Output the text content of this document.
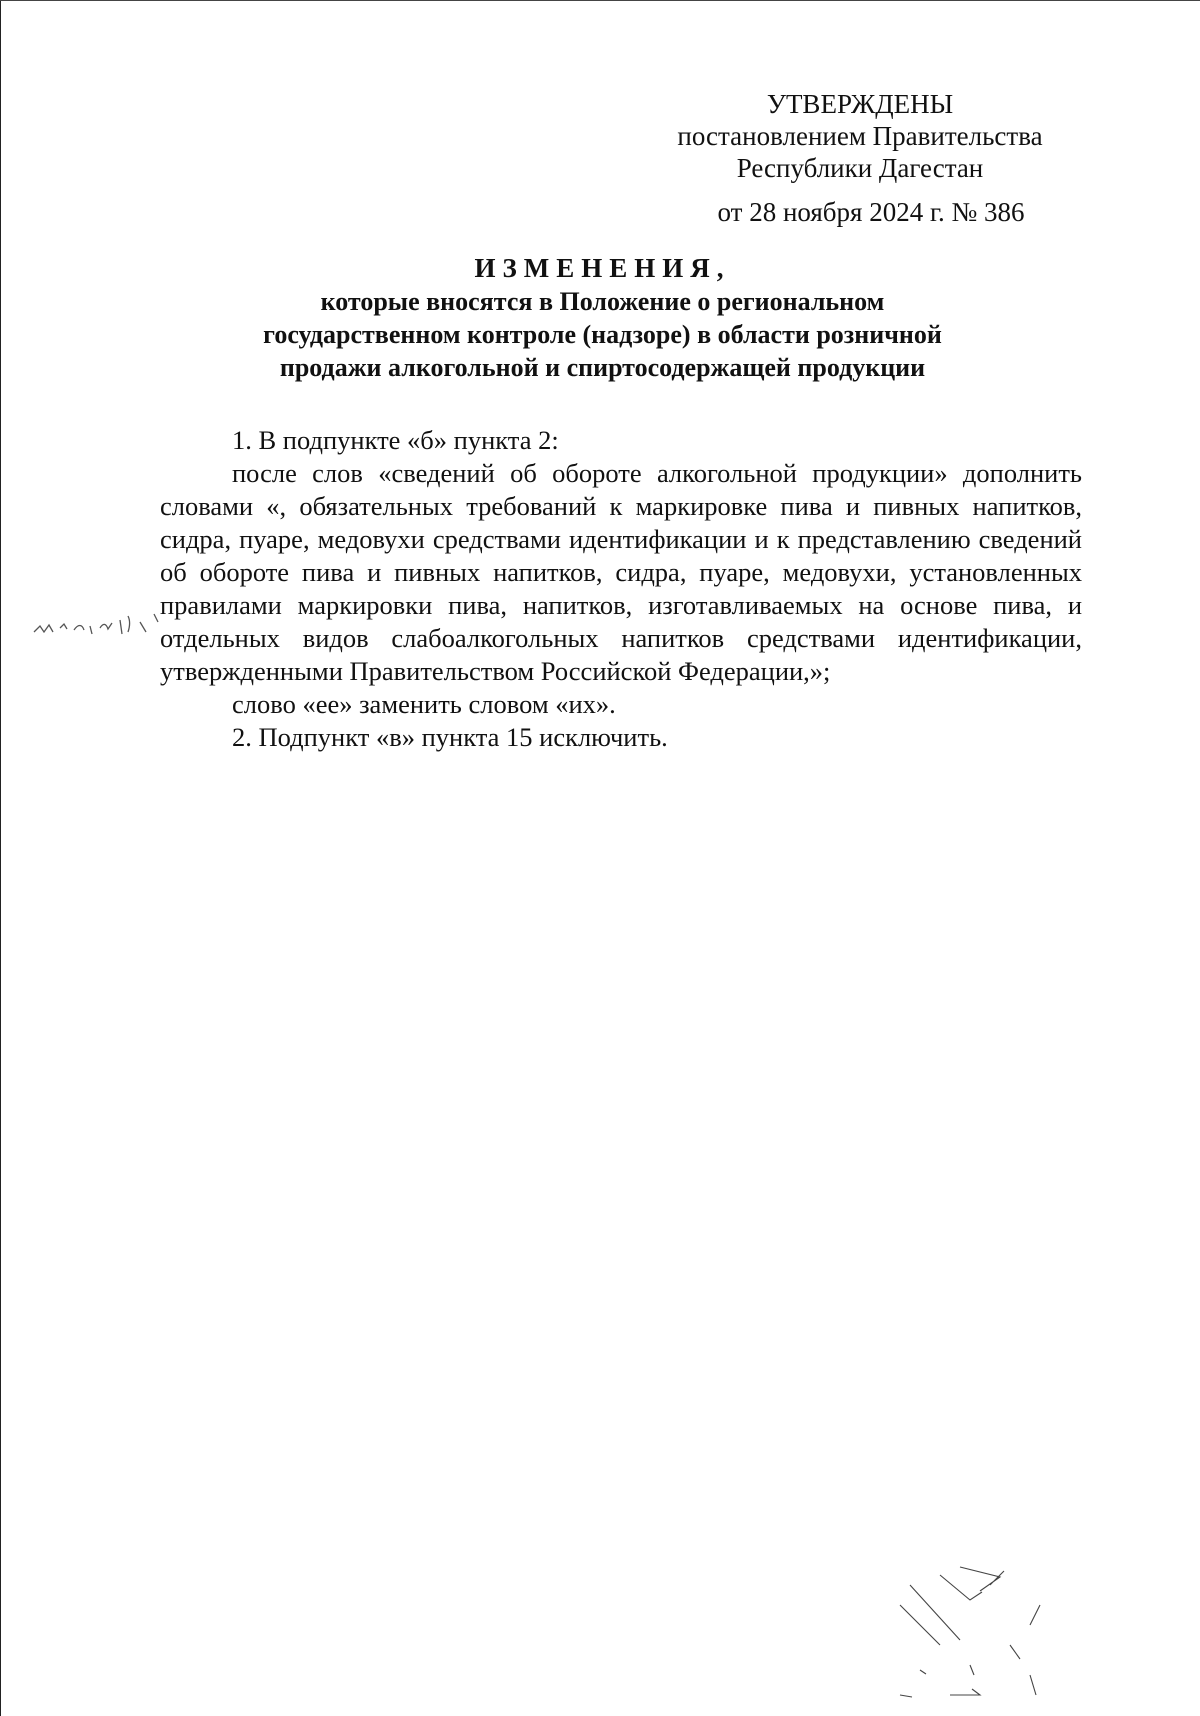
УТВЕРЖДЕНЫ
постановлением Правительства
Республики Дагестан
от 28 ноября 2024 г. № 386
ИЗМЕНЕНИЯ,
которые вносятся в Положение о региональном
государственном контроле (надзоре) в области розничной
продажи алкогольной и спиртосодержащей продукции

1. В подпункте «б» пункта 2:

после слов «сведений об обороте алкогольной продукции» дополнить словами «, обязательных требований к маркировке пива и пивных напитков, сидра, пуаре, медовухи средствами идентификации и к представлению сведений об обороте пива и пивных напитков, сидра, пуаре, медовухи, установленных правилами маркировки пива, напитков, изготавливаемых на основе пива, и отдельных видов слабоалкогольных напитков средствами идентификации, утвержденными Правительством Российской Федерации,»;

слово «ее» заменить словом «их».

2. Подпункт «в» пункта 15 исключить.
